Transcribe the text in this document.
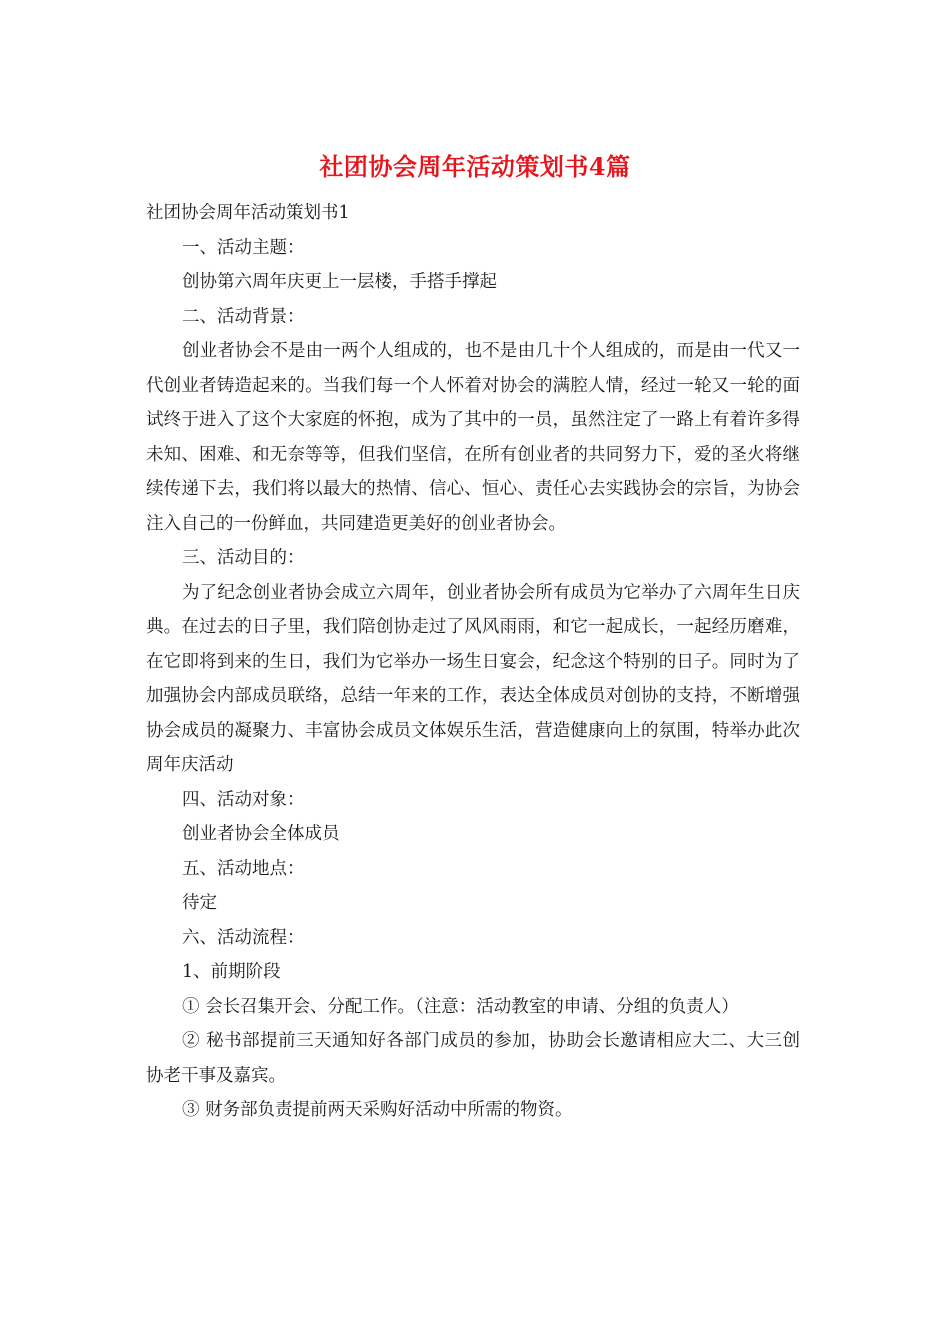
社团协会周年活动策划书4篇

社团协会周年活动策划书1

一、活动主题：

创协第六周年庆更上一层楼，手搭手撑起

二、活动背景：

创业者协会不是由一两个人组成的，也不是由几十个人组成的，而是由一代又一代创业者铸造起来的。当我们每一个人怀着对协会的满腔人情，经过一轮又一轮的面试终于进入了这个大家庭的怀抱，成为了其中的一员，虽然注定了一路上有着许多得未知、困难、和无奈等等，但我们坚信，在所有创业者的共同努力下，爱的圣火将继续传递下去，我们将以最大的热情、信心、恒心、责任心去实践协会的宗旨，为协会注入自己的一份鲜血，共同建造更美好的创业者协会。

三、活动目的：

为了纪念创业者协会成立六周年，创业者协会所有成员为它举办了六周年生日庆典。在过去的日子里，我们陪创协走过了风风雨雨，和它一起成长，一起经历磨难，在它即将到来的生日，我们为它举办一场生日宴会，纪念这个特别的日子。同时为了加强协会内部成员联络，总结一年来的工作，表达全体成员对创协的支持，不断增强协会成员的凝聚力、丰富协会成员文体娱乐生活，营造健康向上的氛围，特举办此次周年庆活动

四、活动对象：

创业者协会全体成员

五、活动地点：

待定

六、活动流程：

1、前期阶段

① 会长召集开会、分配工作。（注意：活动教室的申请、分组的负责人）

② 秘书部提前三天通知好各部门成员的参加，协助会长邀请相应大二、大三创协老干事及嘉宾。

③ 财务部负责提前两天采购好活动中所需的物资。
